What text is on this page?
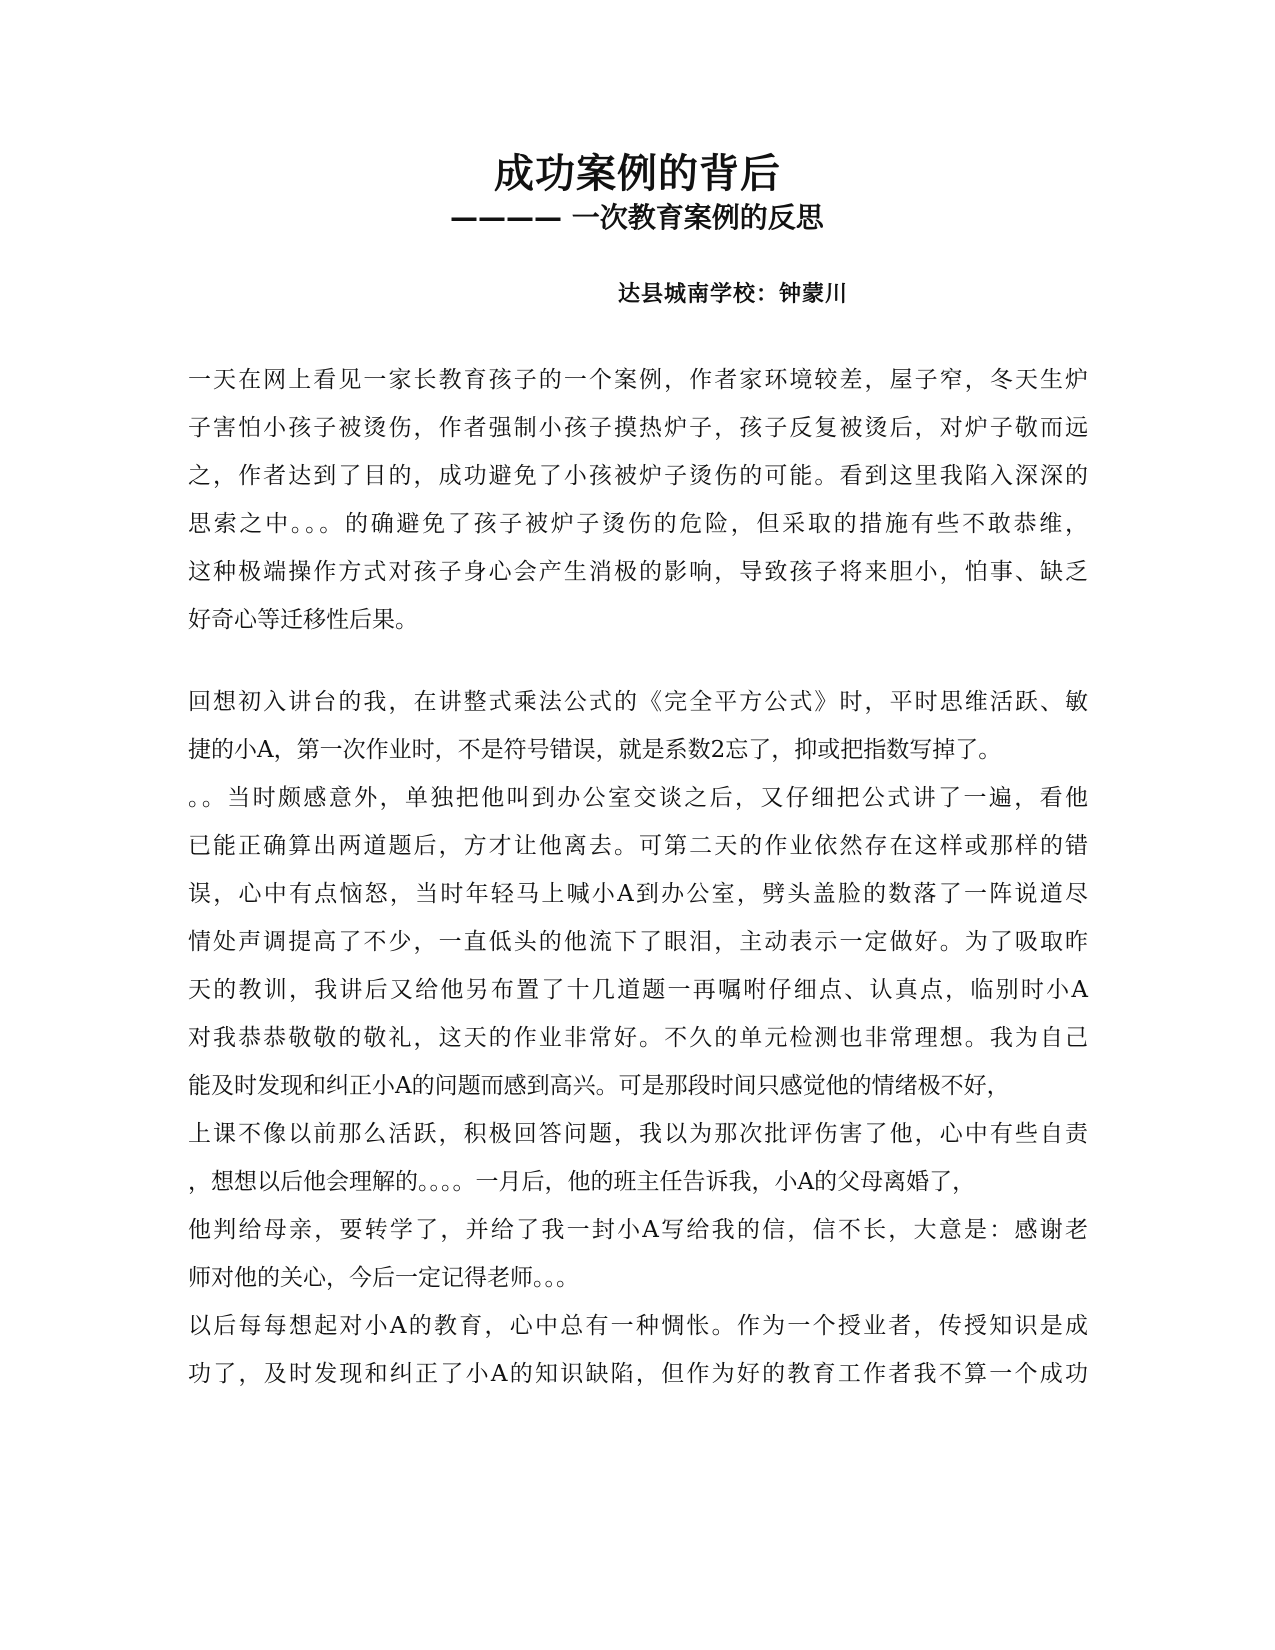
成功案例的背后
———— 一次教育案例的反思
达县城南学校：钟蒙川
一天在网上看见一家长教育孩子的一个案例，作者家环境较差，屋子窄，冬天生炉
子害怕小孩子被烫伤，作者强制小孩子摸热炉子，孩子反复被烫后，对炉子敬而远
之，作者达到了目的，成功避免了小孩被炉子烫伤的可能。看到这里我陷入深深的
思索之中。。。的确避免了孩子被炉子烫伤的危险，但采取的措施有些不敢恭维，
这种极端操作方式对孩子身心会产生消极的影响，导致孩子将来胆小，怕事、缺乏
好奇心等迁移性后果。
回想初入讲台的我，在讲整式乘法公式的《完全平方公式》时，平时思维活跃、敏
捷的小A，第一次作业时，不是符号错误，就是系数2忘了，抑或把指数写掉了。
。。当时颇感意外，单独把他叫到办公室交谈之后，又仔细把公式讲了一遍，看他
已能正确算出两道题后，方才让他离去。可第二天的作业依然存在这样或那样的错
误，心中有点恼怒，当时年轻马上喊小A到办公室，劈头盖脸的数落了一阵说道尽
情处声调提高了不少，一直低头的他流下了眼泪，主动表示一定做好。为了吸取昨
天的教训，我讲后又给他另布置了十几道题一再嘱咐仔细点、认真点，临别时小A
对我恭恭敬敬的敬礼，这天的作业非常好。不久的单元检测也非常理想。我为自己
能及时发现和纠正小A的问题而感到高兴。可是那段时间只感觉他的情绪极不好，
上课不像以前那么活跃，积极回答问题，我以为那次批评伤害了他，心中有些自责
，想想以后他会理解的。。。。一月后，他的班主任告诉我，小A的父母离婚了，
他判给母亲，要转学了，并给了我一封小A写给我的信，信不长，大意是：感谢老
师对他的关心，今后一定记得老师。。。
以后每每想起对小A的教育，心中总有一种惆怅。作为一个授业者，传授知识是成
功了，及时发现和纠正了小A的知识缺陷，但作为好的教育工作者我不算一个成功
